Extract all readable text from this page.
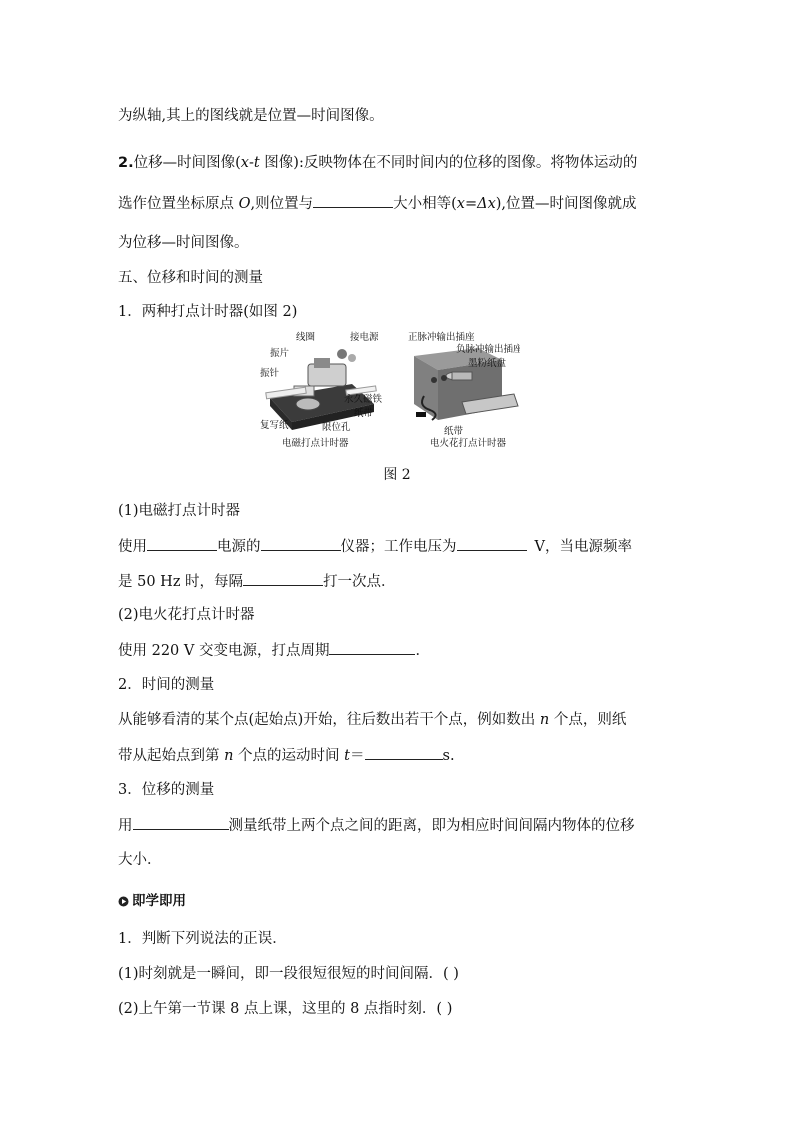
为纵轴,其上的图线就是位置—时间图像。
2.位移—时间图像(x-t 图像):反映物体在不同时间内的位移的图像。将物体运动的
选作位置坐标原点 O,则位置与	大小相等(x=Δx),位置—时间图像就成
为位移—时间图像。
五、位移和时间的测量
1．两种打点计时器(如图 2)
线圈	接电源
振片
振针
永久磁铁
纸带
复写纸	限位孔
电磁打点计时器
正脉冲输出插座
负脉冲输出插座
墨粉纸盘
纸带
电火花打点计时器
图 2
(1)电磁打点计时器
使用	电源的	仪器；工作电压为	V，当电源频率
是 50 Hz 时，每隔	打一次点．
(2)电火花打点计时器
使用 220 V 交变电源，打点周期	．
2．时间的测量
从能够看清的某个点(起始点)开始，往后数出若干个点，例如数出 n 个点，则纸
带从起始点到第 n 个点的运动时间 t＝	s.
3．位移的测量
用	测量纸带上两个点之间的距离，即为相应时间间隔内物体的位移
大小．
即学即用
1．判断下列说法的正误．
(1)时刻就是一瞬间，即一段很短很短的时间间隔．( )
(2)上午第一节课 8 点上课，这里的 8 点指时刻．( )
